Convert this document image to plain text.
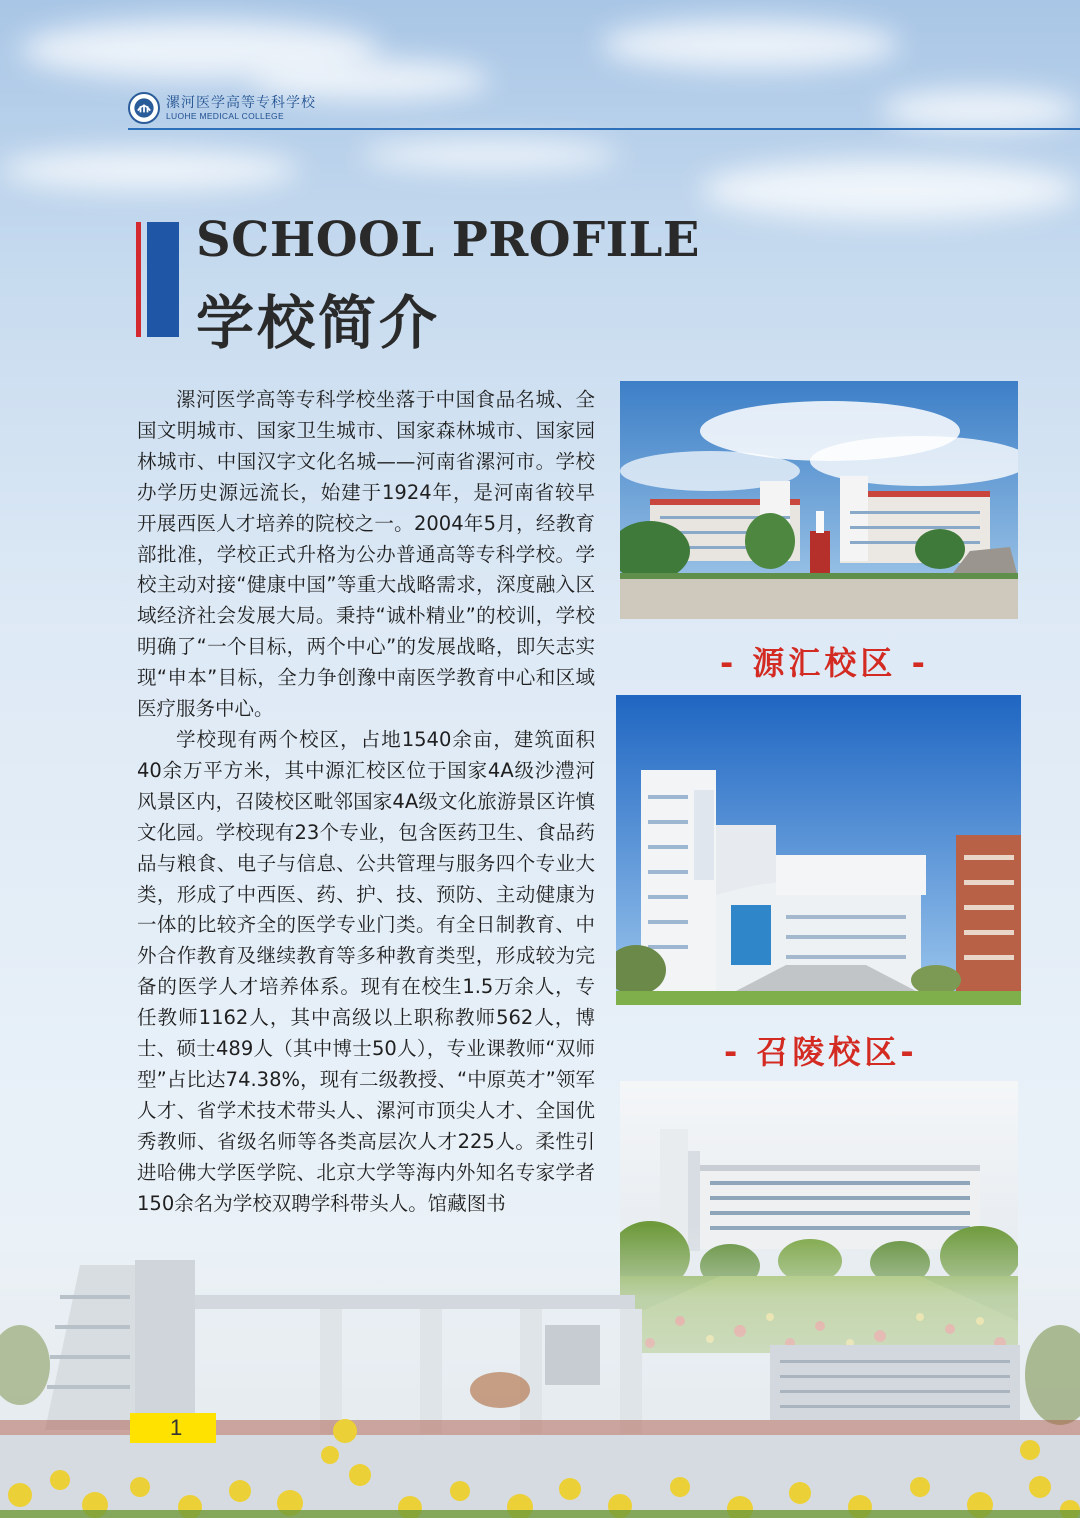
漯河医学高等专科学校
LUOHE MEDICAL COLLEGE
SCHOOL PROFILE
学校简介

漯河医学高等专科学校坐落于中国食品名城、全国文明城市、国家卫生城市、国家森林城市、国家园林城市、中国汉字文化名城——河南省漯河市。学校办学历史源远流长，始建于1924年，是河南省较早开展西医人才培养的院校之一。2004年5月，经教育部批准，学校正式升格为公办普通高等专科学校。学校主动对接“健康中国”等重大战略需求，深度融入区域经济社会发展大局。秉持“诚朴精业”的校训，学校明确了“一个目标，两个中心”的发展战略，即矢志实现“申本”目标，全力争创豫中南医学教育中心和区域医疗服务中心。

学校现有两个校区，占地1540余亩，建筑面积40余万平方米，其中源汇校区位于国家4A级沙澧河风景区内，召陵校区毗邻国家4A级文化旅游景区许慎文化园。学校现有23个专业，包含医药卫生、食品药品与粮食、电子与信息、公共管理与服务四个专业大类，形成了中西医、药、护、技、预防、主动健康为一体的比较齐全的医学专业门类。有全日制教育、中外合作教育及继续教育等多种教育类型，形成较为完备的医学人才培养体系。现有在校生1.5万余人，专任教师1162人，其中高级以上职称教师562人，博士、硕士489人（其中博士50人），专业课教师“双师型”占比达74.38%，现有二级教授、“中原英才”领军人才、省学术技术带头人、漯河市顶尖人才、全国优秀教师、省级名师等各类高层次人才225人。柔性引进哈佛大学医学院、北京大学等海内外知名专家学者150余名为学校双聘学科带头人。馆藏图书

- 源汇校区 -
- 召陵校区-
1
